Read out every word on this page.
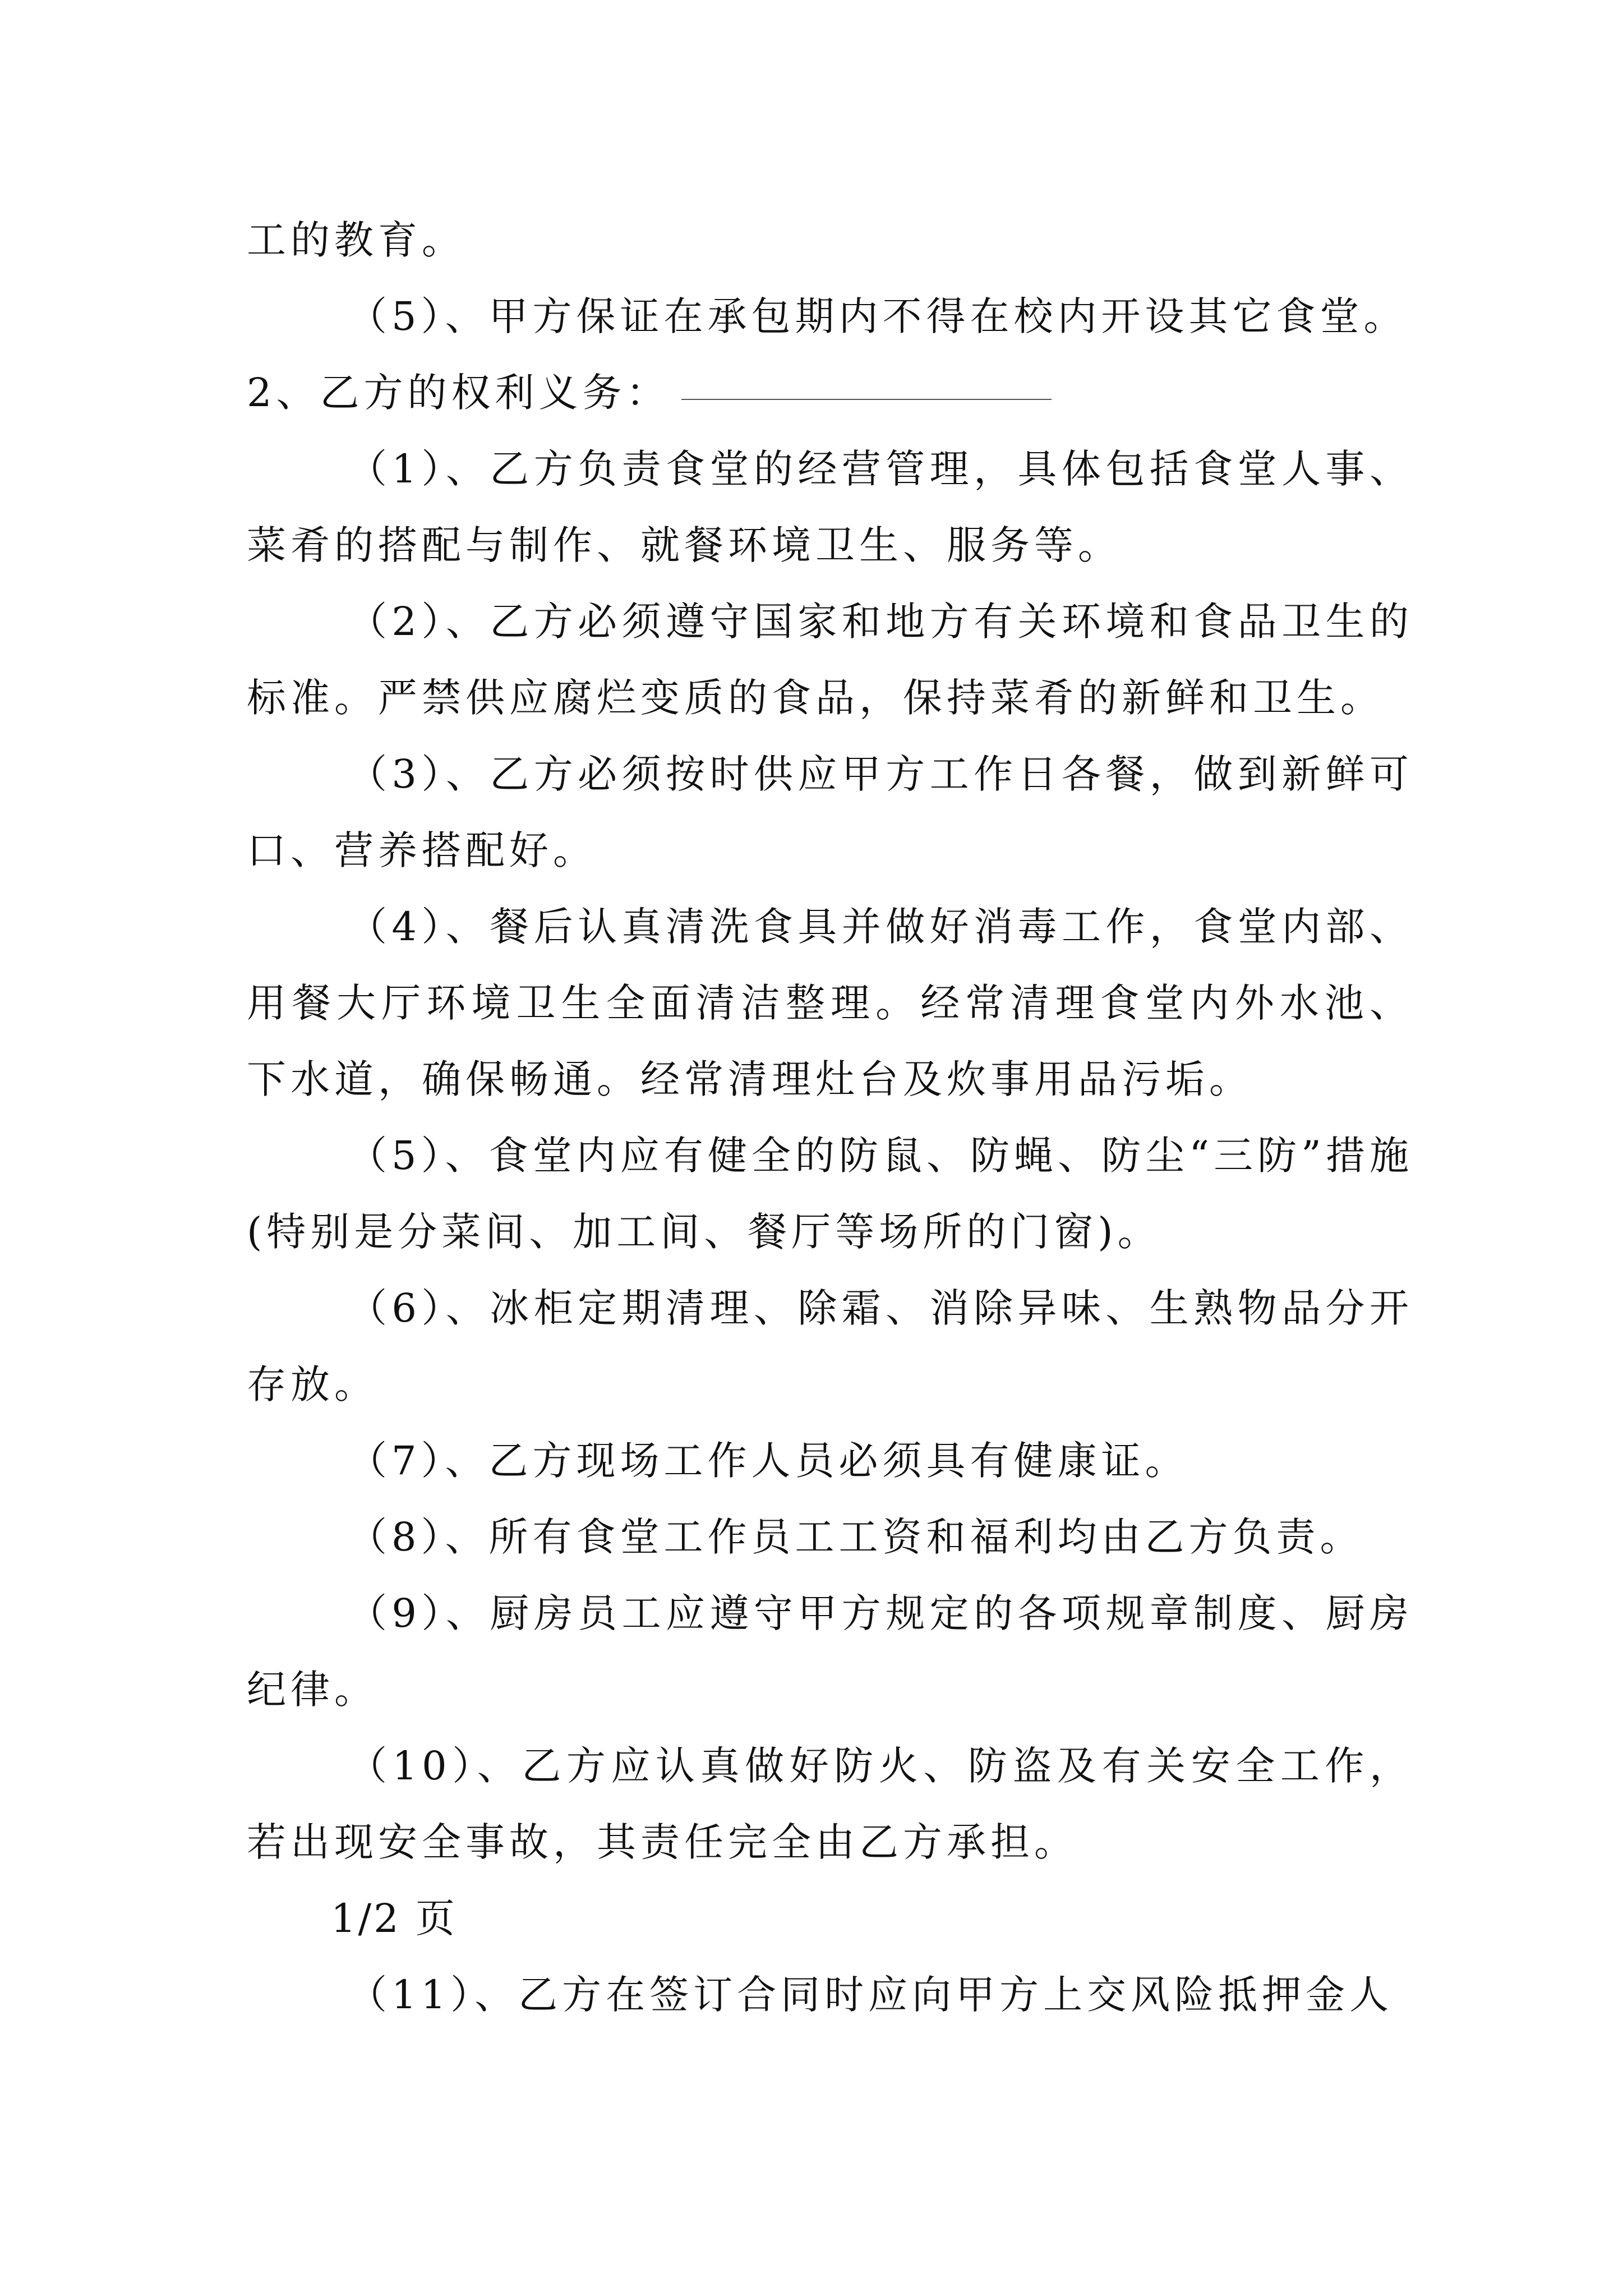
工的教育。

（5）、甲方保证在承包期内不得在校内开设其它食堂。

2、乙方的权利义务：

（1）、乙方负责食堂的经营管理，具体包括食堂人事、菜肴的搭配与制作、就餐环境卫生、服务等。

（2）、乙方必须遵守国家和地方有关环境和食品卫生的标准。严禁供应腐烂变质的食品，保持菜肴的新鲜和卫生。

（3）、乙方必须按时供应甲方工作日各餐，做到新鲜可口、营养搭配好。

（4）、餐后认真清洗食具并做好消毒工作，食堂内部、用餐大厅环境卫生全面清洁整理。经常清理食堂内外水池、下水道，确保畅通。经常清理灶台及炊事用品污垢。

（5）、食堂内应有健全的防鼠、防蝇、防尘“三防”措施(特别是分菜间、加工间、餐厅等场所的门窗)。

（6）、冰柜定期清理、除霜、消除异味、生熟物品分开存放。

（7）、乙方现场工作人员必须具有健康证。

（8）、所有食堂工作员工工资和福利均由乙方负责。

（9）、厨房员工应遵守甲方规定的各项规章制度、厨房纪律。

（10）、乙方应认真做好防火、防盗及有关安全工作，若出现安全事故，其责任完全由乙方承担。

1/2 页

（11）、乙方在签订合同时应向甲方上交风险抵押金人
